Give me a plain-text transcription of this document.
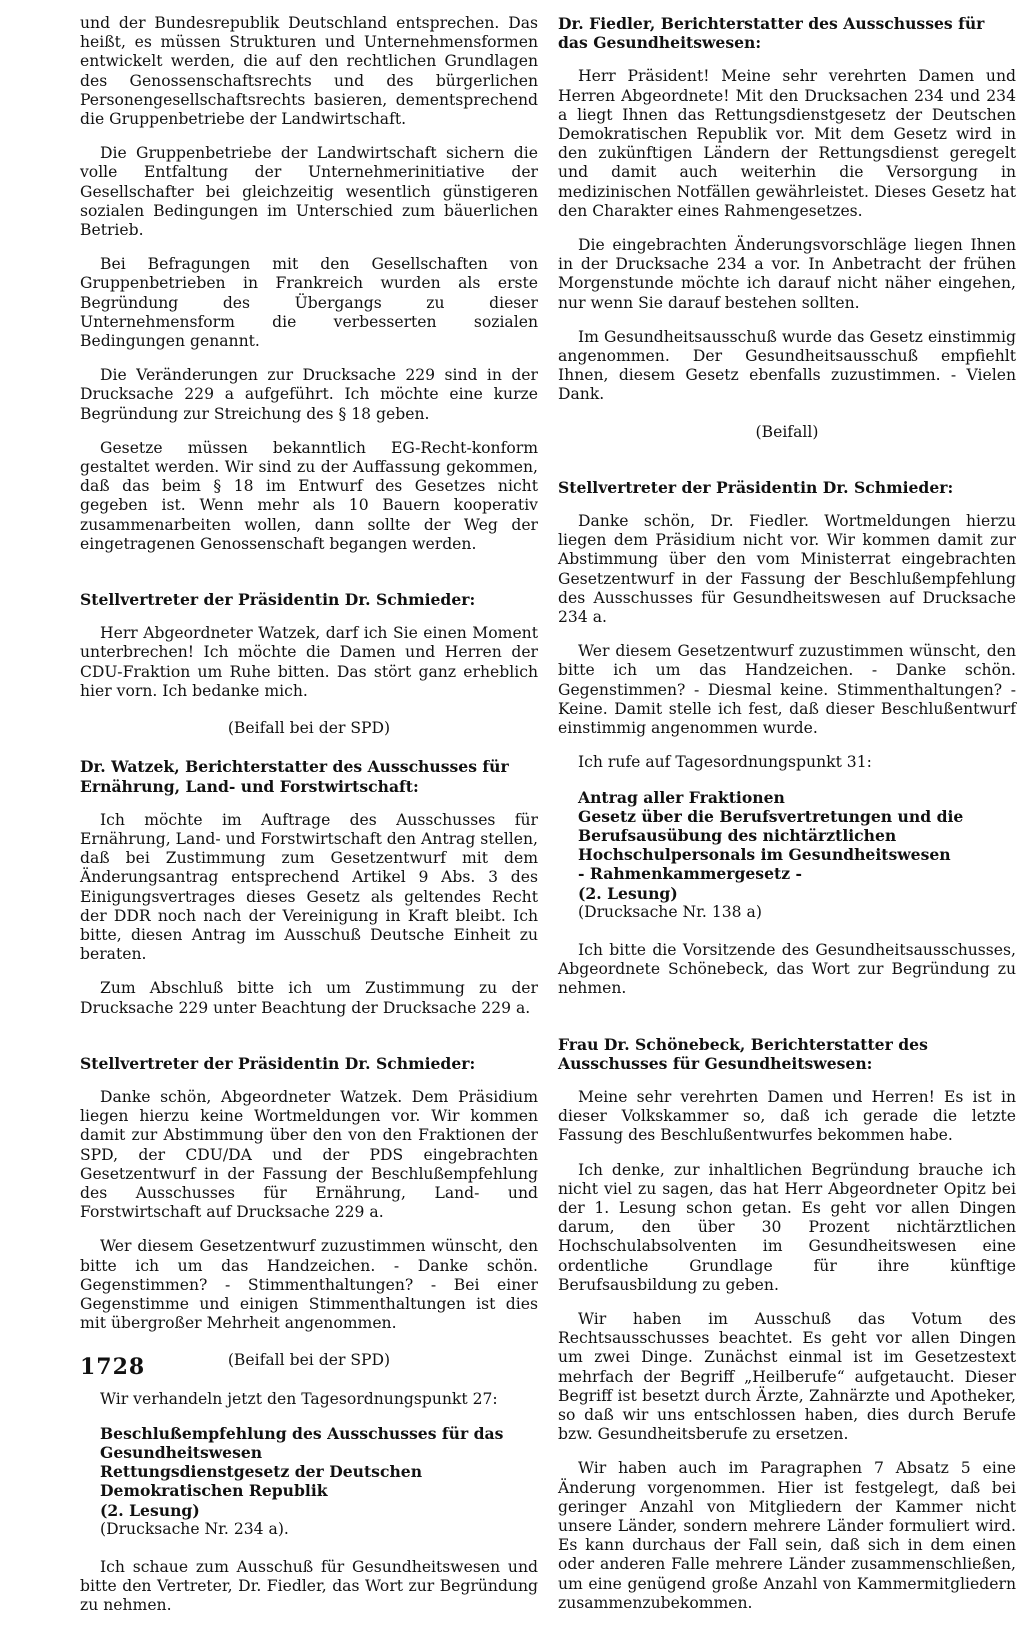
und der Bundesrepublik Deutschland entsprechen. Das heißt, es müssen Strukturen und Unternehmensformen entwickelt werden, die auf den rechtlichen Grundlagen des Genossenschaftsrechts und des bürgerlichen Personengesellschaftsrechts basieren, dementsprechend die Gruppenbetriebe der Landwirtschaft.

Die Gruppenbetriebe der Landwirtschaft sichern die volle Entfaltung der Unternehmerinitiative der Gesellschafter bei gleichzeitig wesentlich günstigeren sozialen Bedingungen im Unterschied zum bäuerlichen Betrieb.

Bei Befragungen mit den Gesellschaften von Gruppenbetrieben in Frankreich wurden als erste Begründung des Übergangs zu dieser Unternehmensform die verbesserten sozialen Bedingungen genannt.

Die Veränderungen zur Drucksache 229 sind in der Drucksache 229 a aufgeführt. Ich möchte eine kurze Begründung zur Streichung des § 18 geben.

Gesetze müssen bekanntlich EG-Recht-konform gestaltet werden. Wir sind zu der Auffassung gekommen, daß das beim § 18 im Entwurf des Gesetzes nicht gegeben ist. Wenn mehr als 10 Bauern kooperativ zusammenarbeiten wollen, dann sollte der Weg der eingetragenen Genossenschaft begangen werden.

Stellvertreter der Präsidentin Dr. Schmieder:

Herr Abgeordneter Watzek, darf ich Sie einen Moment unterbrechen! Ich möchte die Damen und Herren der CDU-Fraktion um Ruhe bitten. Das stört ganz erheblich hier vorn. Ich bedanke mich.

(Beifall bei der SPD)
Dr. Watzek, Berichterstatter des Ausschusses für Ernährung, Land- und Forstwirtschaft:

Ich möchte im Auftrage des Ausschusses für Ernährung, Land- und Forstwirtschaft den Antrag stellen, daß bei Zustimmung zum Gesetzentwurf mit dem Änderungsantrag entsprechend Artikel 9 Abs. 3 des Einigungsvertrages dieses Gesetz als geltendes Recht der DDR noch nach der Vereinigung in Kraft bleibt. Ich bitte, diesen Antrag im Ausschuß Deutsche Einheit zu beraten.

Zum Abschluß bitte ich um Zustimmung zu der Drucksache 229 unter Beachtung der Drucksache 229 a.

Stellvertreter der Präsidentin Dr. Schmieder:

Danke schön, Abgeordneter Watzek. Dem Präsidium liegen hierzu keine Wortmeldungen vor. Wir kommen damit zur Abstimmung über den von den Fraktionen der SPD, der CDU/DA und der PDS eingebrachten Gesetzentwurf in der Fassung der Beschlußempfehlung des Ausschusses für Ernährung, Land- und Forstwirtschaft auf Drucksache 229 a.

Wer diesem Gesetzentwurf zuzustimmen wünscht, den bitte ich um das Handzeichen. - Danke schön. Gegenstimmen? - Stimmenthaltungen? - Bei einer Gegenstimme und einigen Stimmenthaltungen ist dies mit übergroßer Mehrheit angenommen.

(Beifall bei der SPD)

Wir verhandeln jetzt den Tagesordnungspunkt 27:

Beschlußempfehlung des Ausschusses für das Gesundheitswesen
Rettungsdienstgesetz der Deutschen Demokratischen Republik
(2. Lesung)
(Drucksache Nr. 234 a).

Ich schaue zum Ausschuß für Gesundheitswesen und bitte den Vertreter, Dr. Fiedler, das Wort zur Begründung zu nehmen.

Dr. Fiedler, Berichterstatter des Ausschusses für das Gesundheitswesen:

Herr Präsident! Meine sehr verehrten Damen und Herren Abgeordnete! Mit den Drucksachen 234 und 234 a liegt Ihnen das Rettungsdienstgesetz der Deutschen Demokratischen Republik vor. Mit dem Gesetz wird in den zukünftigen Ländern der Rettungsdienst geregelt und damit auch weiterhin die Versorgung in medizinischen Notfällen gewährleistet. Dieses Gesetz hat den Charakter eines Rahmengesetzes.

Die eingebrachten Änderungsvorschläge liegen Ihnen in der Drucksache 234 a vor. In Anbetracht der frühen Morgenstunde möchte ich darauf nicht näher eingehen, nur wenn Sie darauf bestehen sollten.

Im Gesundheitsausschuß wurde das Gesetz einstimmig angenommen. Der Gesundheitsausschuß empfiehlt Ihnen, diesem Gesetz ebenfalls zuzustimmen. - Vielen Dank.

(Beifall)
Stellvertreter der Präsidentin Dr. Schmieder:

Danke schön, Dr. Fiedler. Wortmeldungen hierzu liegen dem Präsidium nicht vor. Wir kommen damit zur Abstimmung über den vom Ministerrat eingebrachten Gesetzentwurf in der Fassung der Beschlußempfehlung des Ausschusses für Gesundheitswesen auf Drucksache 234 a.

Wer diesem Gesetzentwurf zuzustimmen wünscht, den bitte ich um das Handzeichen. - Danke schön. Gegenstimmen? - Diesmal keine. Stimmenthaltungen? - Keine. Damit stelle ich fest, daß dieser Beschlußentwurf einstimmig angenommen wurde.

Ich rufe auf Tagesordnungspunkt 31:

Antrag aller Fraktionen
Gesetz über die Berufsvertretungen und die Berufsausübung des nichtärztlichen Hochschulpersonals im Gesundheitswesen
- Rahmenkammergesetz -
(2. Lesung)
(Drucksache Nr. 138 a)

Ich bitte die Vorsitzende des Gesundheitsausschusses, Abgeordnete Schönebeck, das Wort zur Begründung zu nehmen.

Frau Dr. Schönebeck, Berichterstatter des Ausschusses für Gesundheitswesen:

Meine sehr verehrten Damen und Herren! Es ist in dieser Volkskammer so, daß ich gerade die letzte Fassung des Beschlußentwurfes bekommen habe.

Ich denke, zur inhaltlichen Begründung brauche ich nicht viel zu sagen, das hat Herr Abgeordneter Opitz bei der 1. Lesung schon getan. Es geht vor allen Dingen darum, den über 30 Prozent nichtärztlichen Hochschulabsolventen im Gesundheitswesen eine ordentliche Grundlage für ihre künftige Berufsausbildung zu geben.

Wir haben im Ausschuß das Votum des Rechtsausschusses beachtet. Es geht vor allen Dingen um zwei Dinge. Zunächst einmal ist im Gesetzestext mehrfach der Begriff „Heilberufe“ aufgetaucht. Dieser Begriff ist besetzt durch Ärzte, Zahnärzte und Apotheker, so daß wir uns entschlossen haben, dies durch Berufe bzw. Gesundheitsberufe zu ersetzen.

Wir haben auch im Paragraphen 7 Absatz 5 eine Änderung vorgenommen. Hier ist festgelegt, daß bei geringer Anzahl von Mitgliedern der Kammer nicht unsere Länder, sondern mehrere Länder formuliert wird. Es kann durchaus der Fall sein, daß sich in dem einen oder anderen Falle mehrere Länder zusammenschließen, um eine genügend große Anzahl von Kammermitgliedern zusammenzubekommen.

1728
